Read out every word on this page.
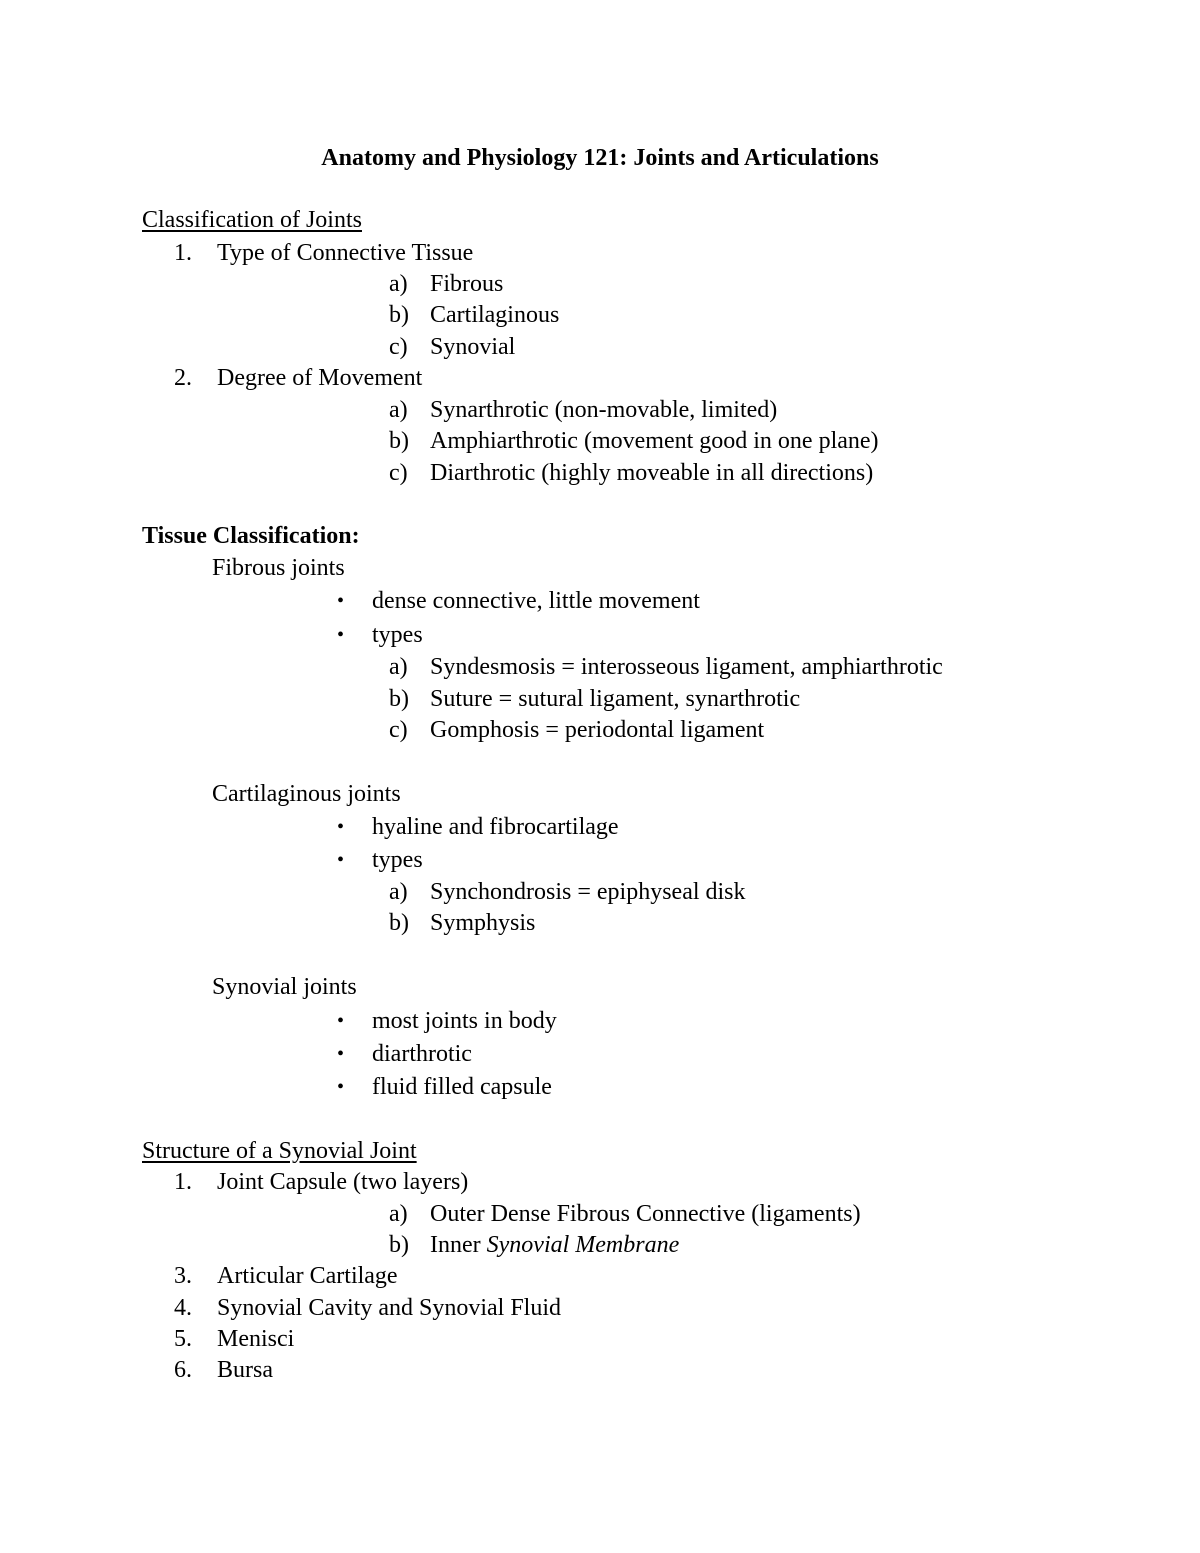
Anatomy and Physiology 121: Joints and Articulations
Classification of Joints
1. Type of Connective Tissue
a) Fibrous
b) Cartilaginous
c) Synovial
2. Degree of Movement
a) Synarthrotic (non-movable, limited)
b) Amphiarthrotic (movement good in one plane)
c) Diarthrotic (highly moveable in all directions)
Tissue Classification:
Fibrous joints
• dense connective, little movement
• types
a) Syndesmosis = interosseous ligament, amphiarthrotic
b) Suture = sutural ligament, synarthrotic
c) Gomphosis = periodontal ligament
Cartilaginous joints
• hyaline and fibrocartilage
• types
a) Synchondrosis = epiphyseal disk
b) Symphysis
Synovial joints
• most joints in body
• diarthrotic
• fluid filled capsule
Structure of a Synovial Joint
1. Joint Capsule (two layers)
a) Outer Dense Fibrous Connective (ligaments)
b) Inner Synovial Membrane
3. Articular Cartilage
4. Synovial Cavity and Synovial Fluid
5. Menisci
6. Bursa
